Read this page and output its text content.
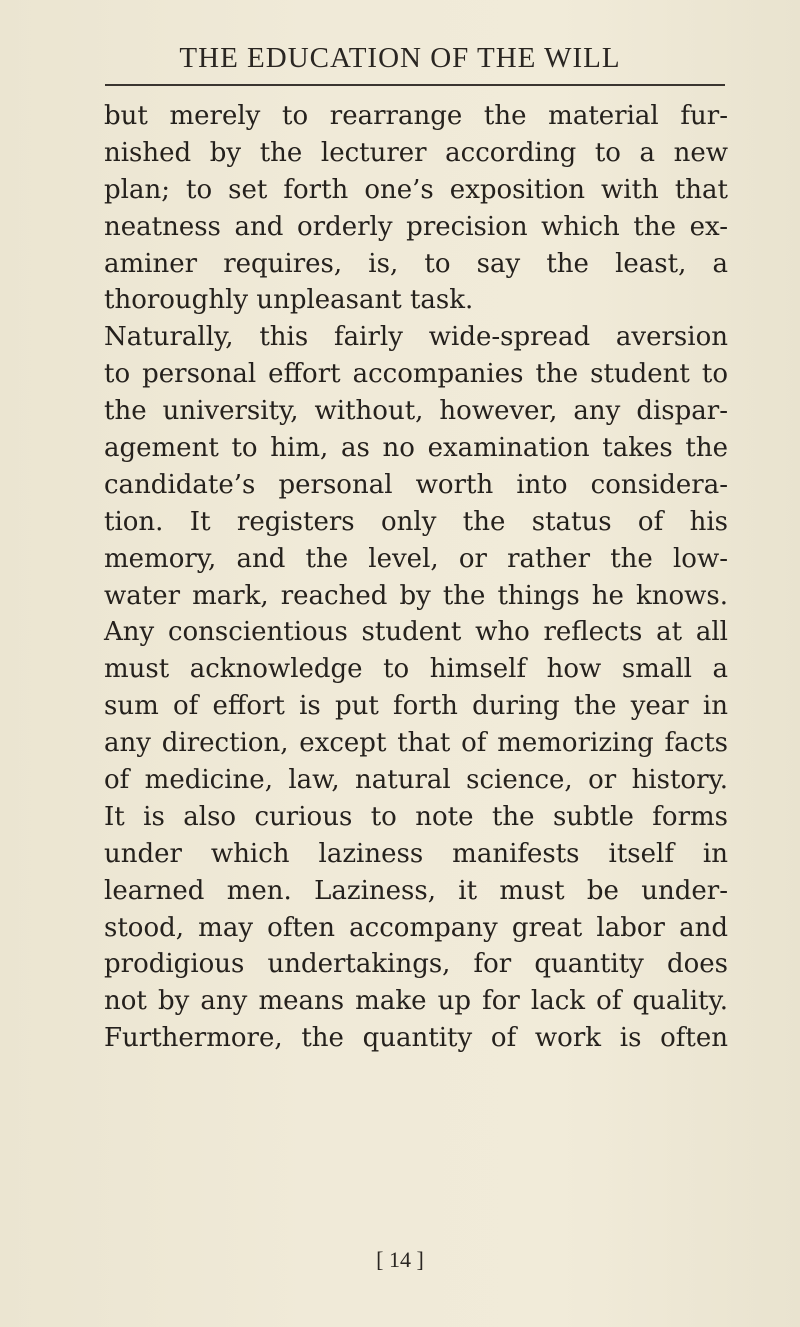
THE EDUCATION OF THE WILL
but merely to rearrange the material fur-
nished by the lecturer according to a new
plan; to set forth one’s exposition with that
neatness and orderly precision which the ex-
aminer requires, is, to say the least, a
thoroughly unpleasant task.
Naturally, this fairly wide-spread aversion
to personal effort accompanies the student to
the university, without, however, any dispar-
agement to him, as no examination takes the
candidate’s personal worth into considera-
tion. It registers only the status of his
memory, and the level, or rather the low-
water mark, reached by the things he knows.
Any conscientious student who reflects at all
must acknowledge to himself how small a
sum of effort is put forth during the year in
any direction, except that of memorizing facts
of medicine, law, natural science, or history.
It is also curious to note the subtle forms
under which laziness manifests itself in
learned men. Laziness, it must be under-
stood, may often accompany great labor and
prodigious undertakings, for quantity does
not by any means make up for lack of quality.
Furthermore, the quantity of work is often
[ 14 ]
